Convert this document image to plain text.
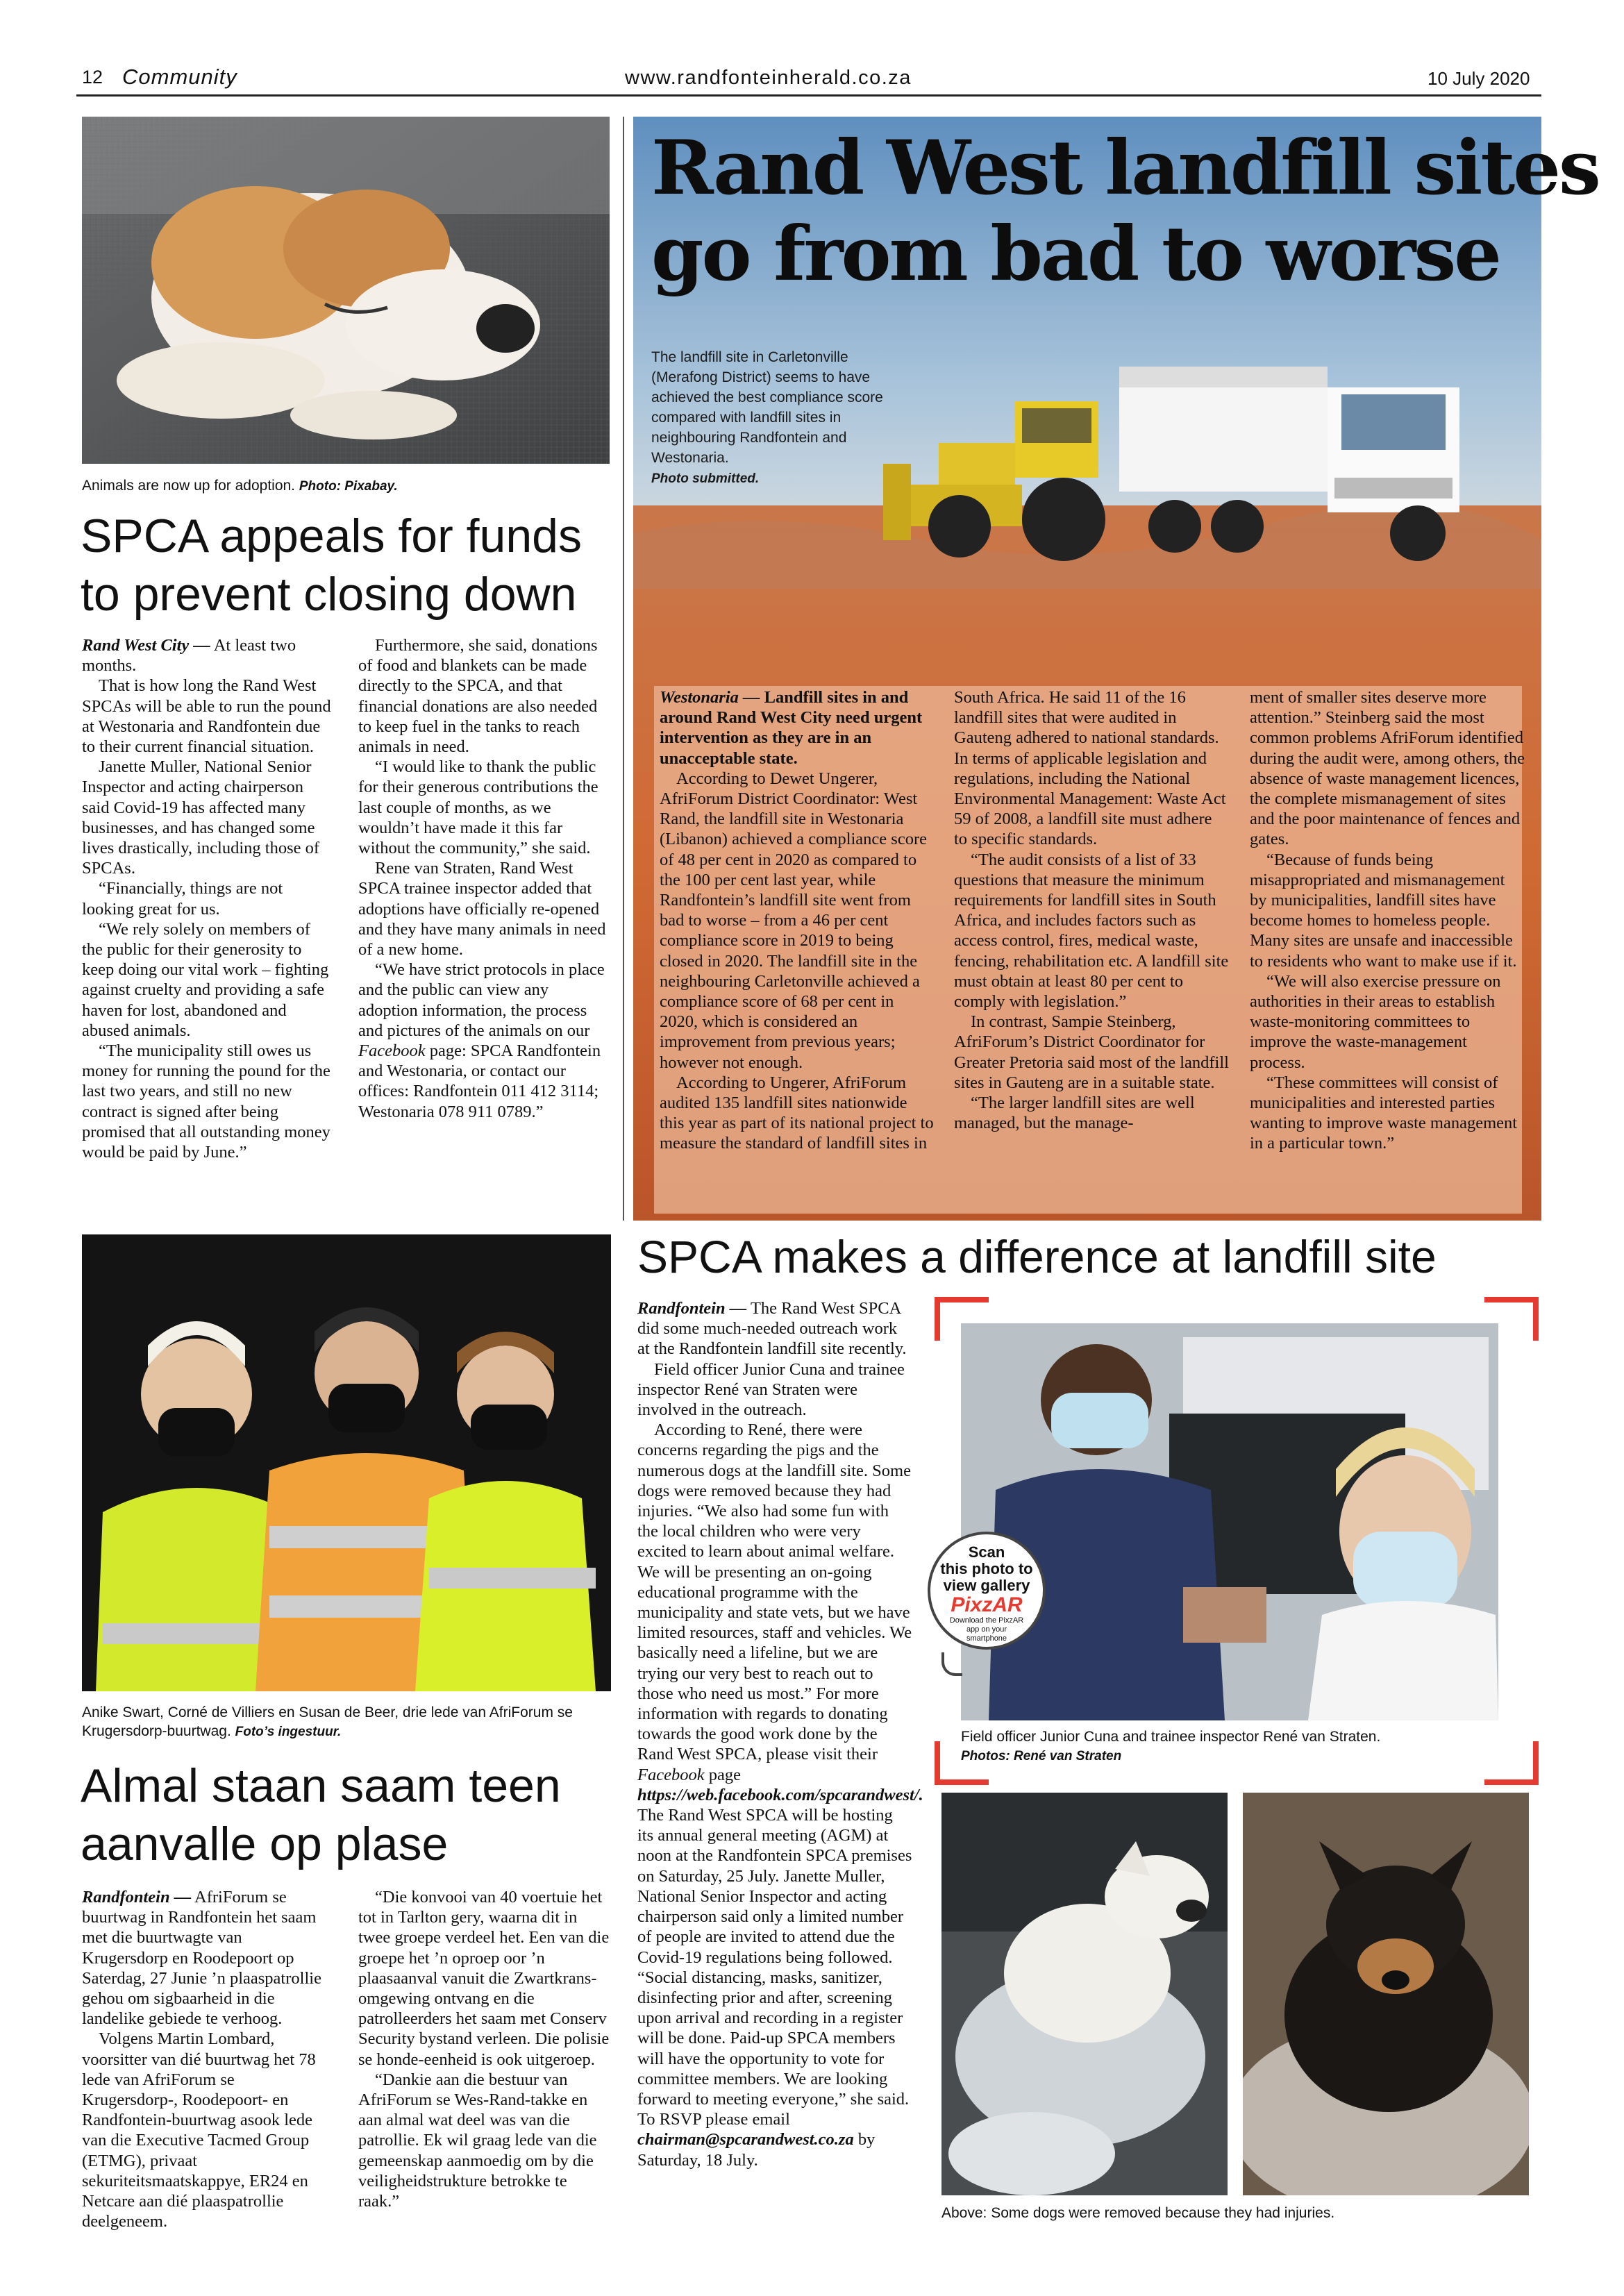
12 Community	www.randfonteinherald.co.za	10 July 2020
Animals are now up for adoption. Photo: Pixabay.
SPCA appeals for funds
to prevent closing down

Rand West City — At least two months.

That is how long the Rand West SPCAs will be able to run the pound at Westonaria and Randfontein due to their current financial situation.

Janette Muller, National Senior Inspector and acting chairperson said Covid-19 has affected many businesses, and has changed some lives drastically, including those of SPCAs.

“Financially, things are not looking great for us.

“We rely solely on members of the public for their generosity to keep doing our vital work – fighting against cruelty and providing a safe haven for lost, abandoned and abused animals.

“The municipality still owes us money for running the pound for the last two years, and still no new contract is signed after being promised that all outstanding money would be paid by June.”

Furthermore, she said, donations of food and blankets can be made directly to the SPCA, and that financial donations are also needed to keep fuel in the tanks to reach animals in need.

“I would like to thank the public for their generous contributions the last couple of months, as we wouldn’t have made it this far without the community,” she said.

Rene van Straten, Rand West SPCA trainee inspector added that adoptions have officially re-opened and they have many animals in need of a new home.

“We have strict protocols in place and the public can view any adoption information, the process and pictures of the animals on our Facebook page: SPCA Randfontein and Westonaria, or contact our offices: Randfontein 011 412 3114; Westonaria 078 911 0789.”

Rand West landfill sites
go from bad to worse
The landfill site in Carletonville (Merafong District) seems to have achieved the best compliance score compared with landfill sites in neighbouring Randfontein and Westonaria.
Photo submitted.

Westonaria — Landfill sites in and around Rand West City need urgent intervention as they are in an unacceptable state.

According to Dewet Ungerer, AfriForum District Coordinator: West Rand, the landfill site in Westonaria (Libanon) achieved a compliance score of 48 per cent in 2020 as compared to the 100 per cent last year, while Randfontein’s landfill site went from bad to worse – from a 46 per cent compliance score in 2019 to being closed in 2020. The landfill site in the neighbouring Carletonville achieved a compliance score of 68 per cent in 2020, which is considered an improvement from previous years; however not enough.

According to Ungerer, AfriForum audited 135 landfill sites nationwide this year as part of its national project to measure the standard of landfill sites in

South Africa. He said 11 of the 16 landfill sites that were audited in Gauteng adhered to national standards. In terms of applicable legislation and regulations, including the National Environmental Management: Waste Act 59 of 2008, a landfill site must adhere to specific standards.

“The audit consists of a list of 33 questions that measure the minimum requirements for landfill sites in South Africa, and includes factors such as access control, fires, medical waste, fencing, rehabilitation etc. A landfill site must obtain at least 80 per cent to comply with legislation.”

In contrast, Sampie Steinberg, AfriForum’s District Coordinator for Greater Pretoria said most of the landfill sites in Gauteng are in a suitable state.

“The larger landfill sites are well managed, but the manage-

ment of smaller sites deserve more attention.” Steinberg said the most common problems AfriForum identified during the audit were, among others, the absence of waste management licences, the complete mismanagement of sites and the poor maintenance of fences and gates.

“Because of funds being misappropriated and mismanagement by municipalities, landfill sites have become homes to homeless people. Many sites are unsafe and inaccessible to residents who want to make use if it.

“We will also exercise pressure on authorities in their areas to establish waste-monitoring committees to improve the waste-management process.

“These committees will consist of municipalities and interested parties wanting to improve waste management in a particular town.”

Anike Swart, Corné de Villiers en Susan de Beer, drie lede van AfriForum se Krugersdorp-buurtwag. Foto’s ingestuur.
Almal staan saam teen
aanvalle op plase

Randfontein — AfriForum se buurtwag in Randfontein het saam met die buurtwagte van Krugersdorp en Roodepoort op Saterdag, 27 Junie ’n plaaspatrollie gehou om sigbaarheid in die landelike gebiede te verhoog.

Volgens Martin Lombard, voorsitter van dié buurtwag het 78 lede van AfriForum se Krugersdorp-, Roodepoort- en Randfontein-buurtwag asook lede van die Executive Tacmed Group (ETMG), privaat sekuriteitsmaatskappye, ER24 en Netcare aan dié plaaspatrollie deelgeneem.

“Die konvooi van 40 voertuie het tot in Tarlton gery, waarna dit in twee groepe verdeel het. Een van die groepe het ’n oproep oor ’n plaasaanval vanuit die Zwartkrans-omgewing ontvang en die patrolleerders het saam met Conserv Security bystand verleen. Die polisie se honde-eenheid is ook uitgeroep.

“Dankie aan die bestuur van AfriForum se Wes-Rand-takke en aan almal wat deel was van die patrollie. Ek wil graag lede van die gemeenskap aanmoedig om by die veiligheidstrukture betrokke te raak.”

SPCA makes a difference at landfill site

Randfontein — The Rand West SPCA did some much-needed outreach work at the Randfontein landfill site recently.

Field officer Junior Cuna and trainee inspector René van Straten were involved in the outreach.

According to René, there were concerns regarding the pigs and the numerous dogs at the landfill site. Some dogs were removed because they had injuries. “We also had some fun with the local children who were very excited to learn about animal welfare. We will be presenting an on-going educational programme with the municipality and state vets, but we have limited resources, staff and vehicles. We basically need a lifeline, but we are trying our very best to reach out to those who need us most.” For more information with regards to donating towards the good work done by the Rand West SPCA, please visit their Facebook page https://web.facebook.com/spcarandwest/. The Rand West SPCA will be hosting its annual general meeting (AGM) at noon at the Randfontein SPCA premises on Saturday, 25 July. Janette Muller, National Senior Inspector and acting chairperson said only a limited number of people are invited to attend due the Covid-19 regulations being followed. “Social distancing, masks, sanitizer, disinfecting prior and after, screening upon arrival and recording in a register will be done. Paid-up SPCA members will have the opportunity to vote for committee members. We are looking forward to meeting everyone,” she said. To RSVP please email chairman@spcarandwest.co.za by Saturday, 18 July.

Scan
this photo to
view gallery
PixzAR
Download the PixzAR app on your smartphone
Field officer Junior Cuna and trainee inspector René van Straten.
Photos: René van Straten
Above: Some dogs were removed because they had injuries.
